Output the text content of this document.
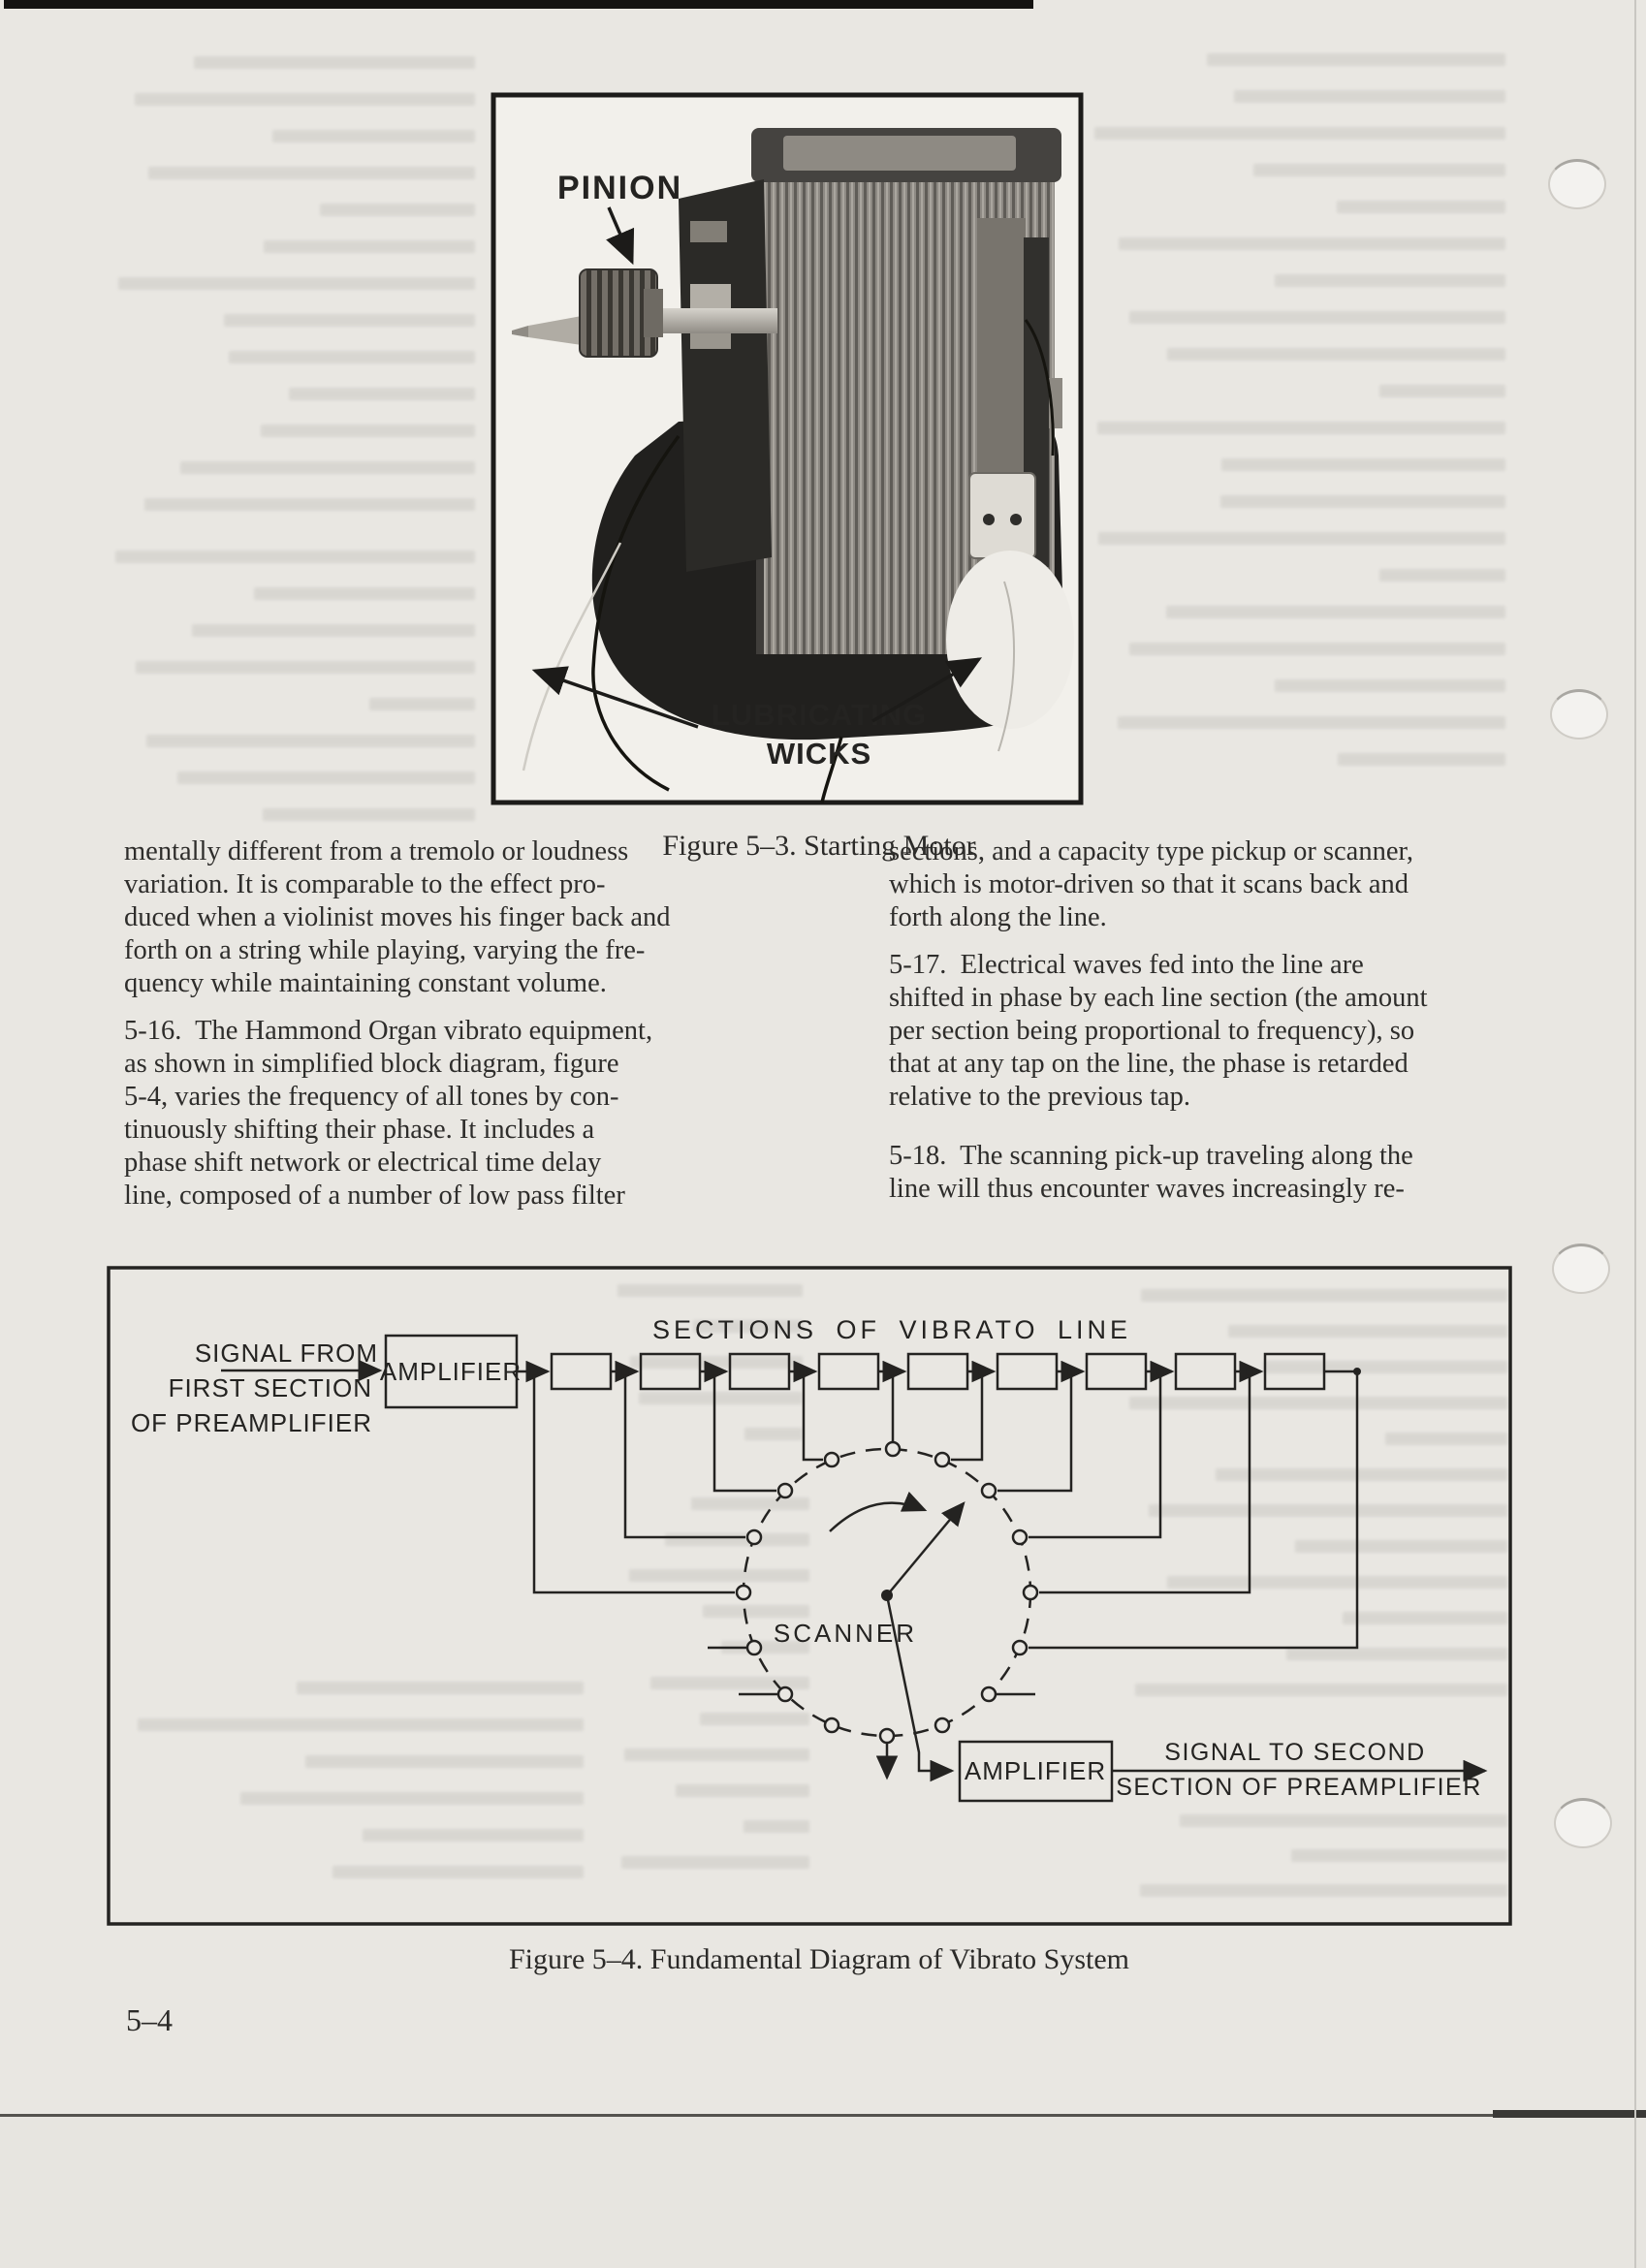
PINION
LUBRICATING
WICKS
Figure 5–3. Starting Motor
mentally different from a tremolo or loudness
variation. It is comparable to the effect pro-
duced when a violinist moves his finger back and
forth on a string while playing, varying the fre-
quency while maintaining constant volume.
5-16.  The Hammond Organ vibrato equipment,
as shown in simplified block diagram, figure
5-4, varies the frequency of all tones by con-
tinuously shifting their phase. It includes a
phase shift network or electrical time delay
line, composed of a number of low pass filter
sections, and a capacity type pickup or scanner,
which is motor-driven so that it scans back and
forth along the line.
5-17.  Electrical waves fed into the line are
shifted in phase by each line section (the amount
per section being proportional to frequency), so
that at any tap on the line, the phase is retarded
relative to the previous tap.
5-18.  The scanning pick-up traveling along the
line will thus encounter waves increasingly re-
SECTIONS OF VIBRATO LINE
SIGNAL FROM
FIRST SECTION
OF PREAMPLIFIER
AMPLIFIER
SCANNER
AMPLIFIER
SIGNAL TO SECOND
SECTION OF PREAMPLIFIER
Figure 5–4. Fundamental Diagram of Vibrato System
5–4
